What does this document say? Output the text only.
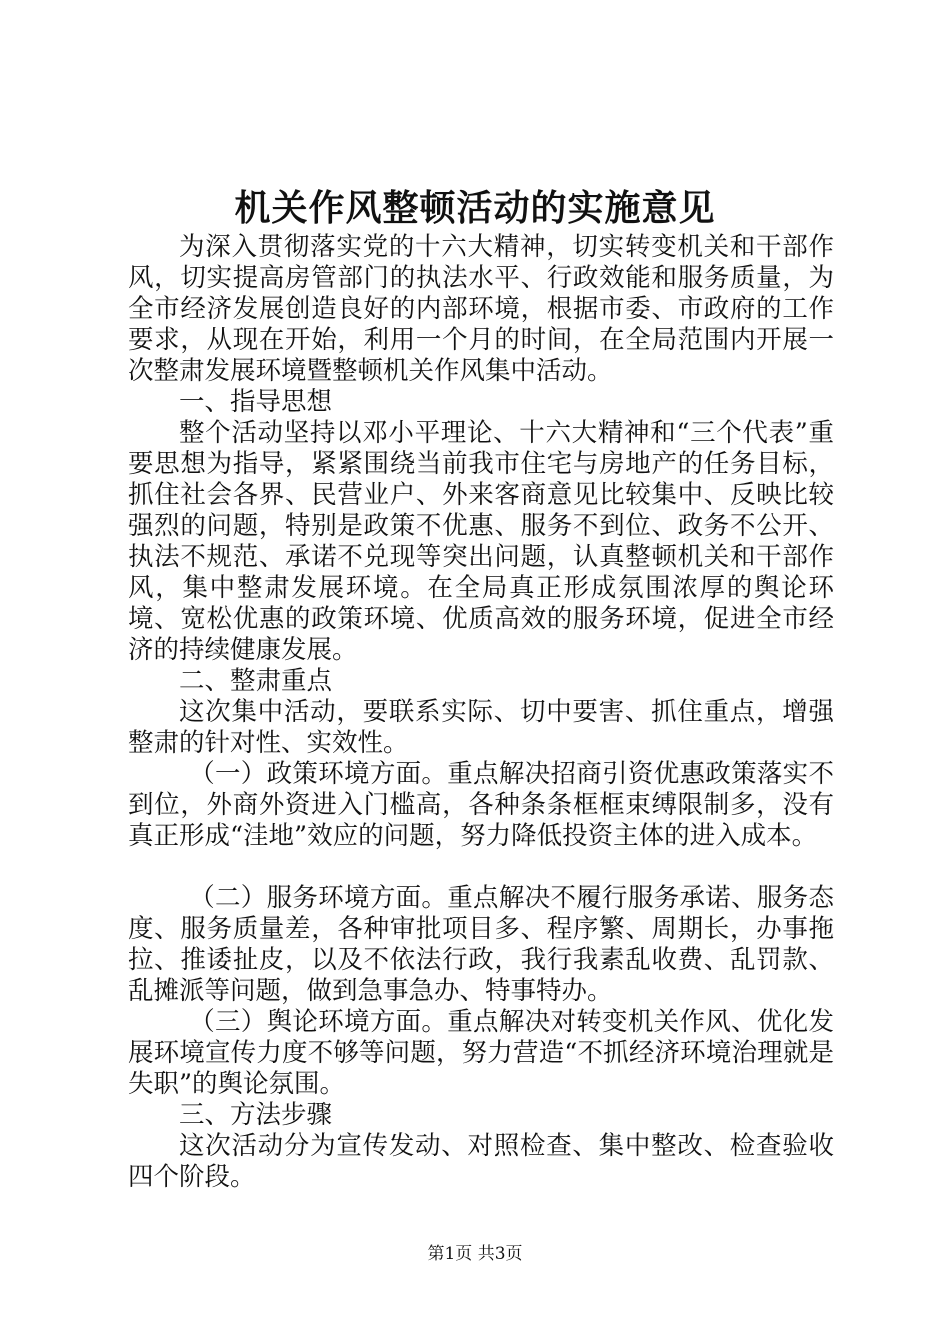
机关作风整顿活动的实施意见

为深入贯彻落实党的十六大精神，切实转变机关和干部作风，切实提高房管部门的执法水平、行政效能和服务质量，为全市经济发展创造良好的内部环境，根据市委、市政府的工作要求，从现在开始，利用一个月的时间，在全局范围内开展一次整肃发展环境暨整顿机关作风集中活动。

一、指导思想

整个活动坚持以邓小平理论、十六大精神和“三个代表”重要思想为指导，紧紧围绕当前我市住宅与房地产的任务目标，抓住社会各界、民营业户、外来客商意见比较集中、反映比较强烈的问题，特别是政策不优惠、服务不到位、政务不公开、执法不规范、承诺不兑现等突出问题，认真整顿机关和干部作风，集中整肃发展环境。在全局真正形成氛围浓厚的舆论环境、宽松优惠的政策环境、优质高效的服务环境，促进全市经济的持续健康发展。

二、整肃重点

这次集中活动，要联系实际、切中要害、抓住重点，增强整肃的针对性、实效性。

（一）政策环境方面。重点解决招商引资优惠政策落实不到位，外商外资进入门槛高，各种条条框框束缚限制多，没有真正形成“洼地”效应的问题，努力降低投资主体的进入成本。

（二）服务环境方面。重点解决不履行服务承诺、服务态度、服务质量差，各种审批项目多、程序繁、周期长，办事拖拉、推诿扯皮，以及不依法行政，我行我素乱收费、乱罚款、乱摊派等问题，做到急事急办、特事特办。

（三）舆论环境方面。重点解决对转变机关作风、优化发展环境宣传力度不够等问题，努力营造“不抓经济环境治理就是失职”的舆论氛围。

三、方法步骤

这次活动分为宣传发动、对照检查、集中整改、检查验收四个阶段。

第1页 共3页
